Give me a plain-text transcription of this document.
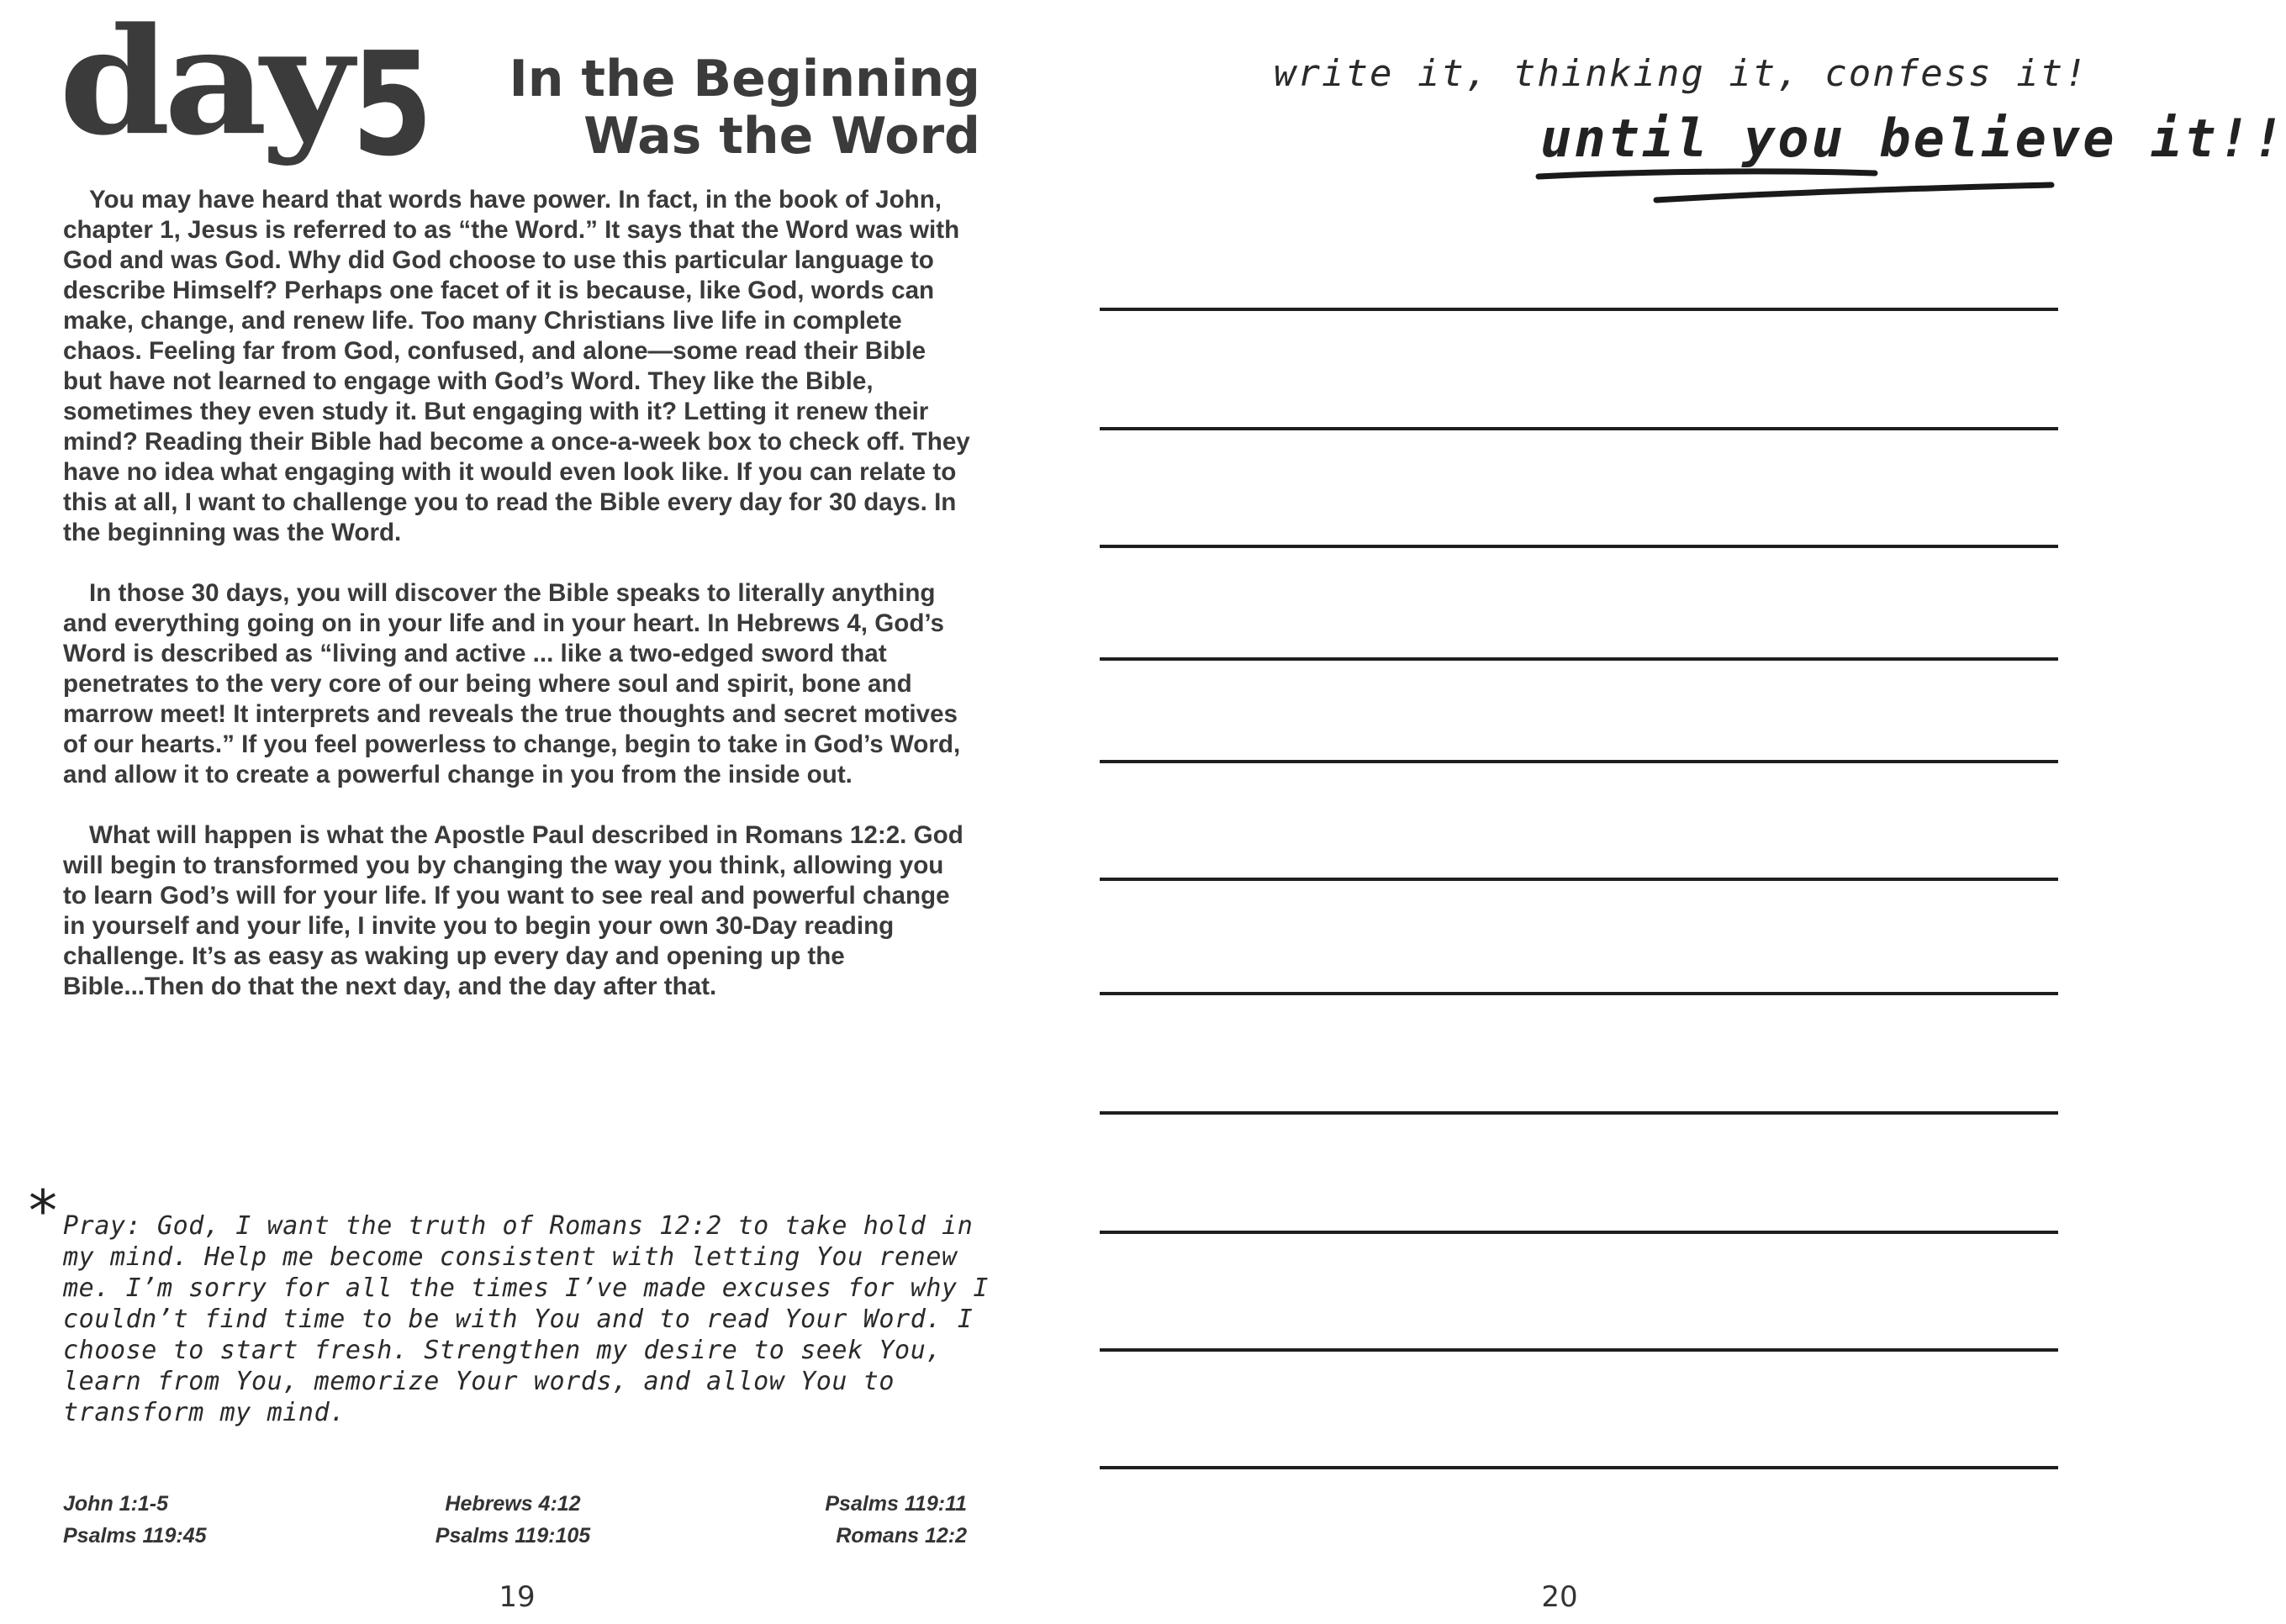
day 5	In the Beginning
Was the Word

You may have heard that words have power. In fact, in the book of John, chapter 1, Jesus is referred to as “the Word.” It says that the Word was with God and was God. Why did God choose to use this particular language to describe Himself? Perhaps one facet of it is because, like God, words can make, change, and renew life. Too many Christians live life in complete chaos. Feeling far from God, confused, and alone—some read their Bible but have not learned to engage with God’s Word. They like the Bible, sometimes they even study it. But engaging with it? Letting it renew their mind? Reading their Bible had become a once-a-week box to check off. They have no idea what engaging with it would even look like. If you can relate to this at all, I want to challenge you to read the Bible every day for 30 days. In the beginning was the Word.

In those 30 days, you will discover the Bible speaks to literally anything and everything going on in your life and in your heart. In Hebrews 4, God’s Word is described as “living and active ... like a two-edged sword that penetrates to the very core of our being where soul and spirit, bone and marrow meet! It interprets and reveals the true thoughts and secret motives of our hearts.” If you feel powerless to change, begin to take in God’s Word, and allow it to create a powerful change in you from the inside out.

What will happen is what the Apostle Paul described in Romans 12:2. God will begin to transformed you by changing the way you think, allowing you to learn God’s will for your life. If you want to see real and powerful change in yourself and your life, I invite you to begin your own 30-Day reading challenge. It’s as easy as waking up every day and opening up the Bible...Then do that the next day, and the day after that.

* Pray: God, I want the truth of Romans 12:2 to take hold in my mind. Help me become consistent with letting You renew me. I’m sorry for all the times I’ve made excuses for why I couldn’t find time to be with You and to read Your Word. I choose to start fresh. Strengthen my desire to seek You, learn from You, memorize Your words, and allow You to transform my mind.
John 1:1-5
Psalms 119:45
Hebrews 4:12
Psalms 119:105
Psalms 119:11
Romans 12:2
19
write it, thinking it, confess it!
until you believe it!!
20
